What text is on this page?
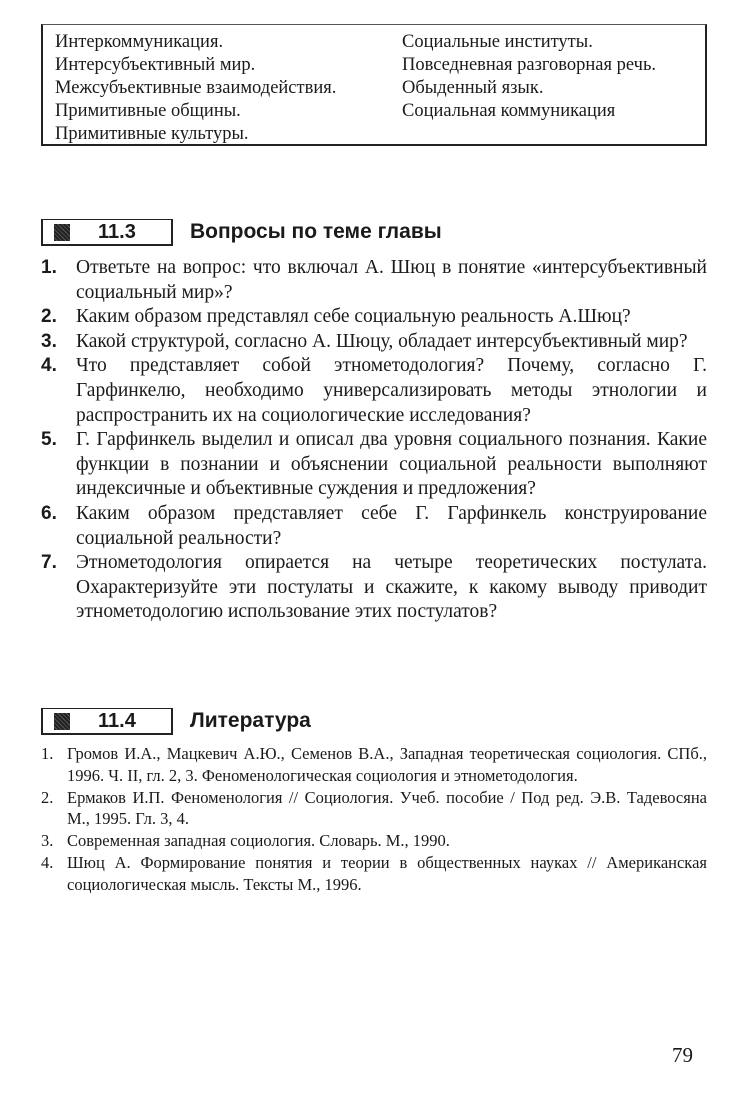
Интеркоммуникация.
Интерсубъективный мир.
Межсубъективные взаимодействия.
Примитивные общины.
Примитивные культуры.
Социальные институты.
Повседневная разговорная речь.
Обыденный язык.
Социальная коммуникация
11.3	Вопросы по теме главы
1. Ответьте на вопрос: что включал А. Шюц в понятие «интерсубъективный социальный мир»?
2. Каким образом представлял себе социальную реальность А.Шюц?
3. Какой структурой, согласно А. Шюцу, обладает интерсубъективный мир?
4. Что представляет собой этнометодология? Почему, согласно Г. Гарфинкелю, необходимо универсализировать методы этнологии и распространить их на социологические исследования?
5. Г. Гарфинкель выделил и описал два уровня социального познания. Какие функции в познании и объяснении социальной реальности выполняют индексичные и объективные суждения и предложения?
6. Каким образом представляет себе Г. Гарфинкель конструирование социальной реальности?
7. Этнометодология опирается на четыре теоретических постулата. Охарактеризуйте эти постулаты и скажите, к какому выводу приводит этнометодологию использование этих постулатов?
11.4	Литература
1. Громов И.А., Мацкевич А.Ю., Семенов В.А., Западная теоретическая социология. СПб., 1996. Ч. II, гл. 2, 3. Феноменологическая социология и этнометодология.
2. Ермаков И.П. Феноменология // Социология. Учеб. пособие / Под ред. Э.В. Тадевосяна М., 1995. Гл. 3, 4.
3. Современная западная социология. Словарь. М., 1990.
4. Шюц А. Формирование понятия и теории в общественных науках // Американская социологическая мысль. Тексты М., 1996.
79
